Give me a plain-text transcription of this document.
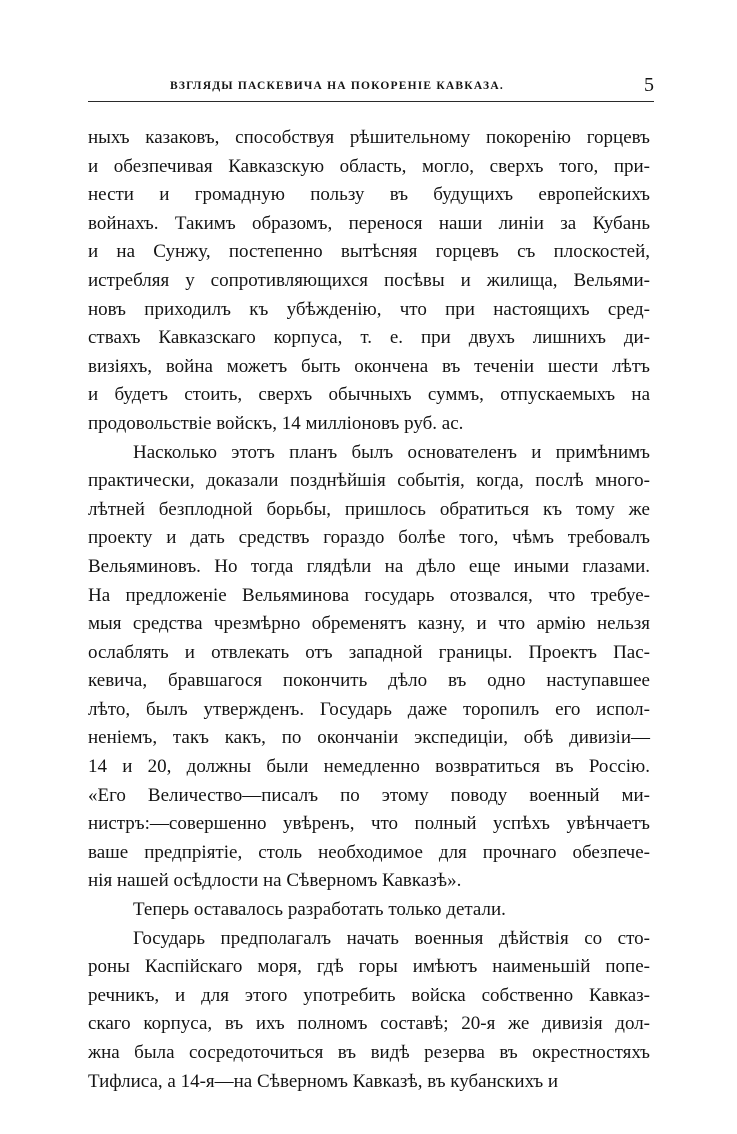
ВЗГЛЯДЫ ПАСКЕВИЧА НА ПОКОРЕНІЕ КАВКАЗА.	5
ныхъ казаковъ, способствуя рѣшительному покоренію горцевъ
и обезпечивая Кавказскую область, могло, сверхъ того, при-
нести и громадную пользу въ будущихъ европейскихъ
войнахъ. Такимъ образомъ, перенося наши линіи за Кубань
и на Сунжу, постепенно вытѣсняя горцевъ съ плоскостей,
истребляя у сопротивляющихся посѣвы и жилища, Вельями-
новъ приходилъ къ убѣжденію, что при настоящихъ сред-
ствахъ Кавказскаго корпуса, т. е. при двухъ лишнихъ ди-
визіяхъ, война можетъ быть окончена въ теченіи шести лѣтъ
и будетъ стоить, сверхъ обычныхъ суммъ, отпускаемыхъ на
продовольствіе войскъ, 14 милліоновъ руб. ас.
Насколько этотъ планъ былъ основателенъ и примѣнимъ
практически, доказали позднѣйшія событія, когда, послѣ много-
лѣтней безплодной борьбы, пришлось обратиться къ тому же
проекту и дать средствъ гораздо болѣе того, чѣмъ требовалъ
Вельяминовъ. Но тогда глядѣли на дѣло еще иными глазами.
На предложеніе Вельяминова государь отозвался, что требуе-
мыя средства чрезмѣрно обременятъ казну, и что армію нельзя
ослаблять и отвлекать отъ западной границы. Проектъ Пас-
кевича, бравшагося покончить дѣло въ одно наступавшее
лѣто, былъ утвержденъ. Государь даже торопилъ его испол-
неніемъ, такъ какъ, по окончаніи экспедиціи, обѣ дивизіи—
14 и 20, должны были немедленно возвратиться въ Россію.
«Его Величество—писалъ по этому поводу военный ми-
нистръ:—совершенно увѣренъ, что полный успѣхъ увѣнчаетъ
ваше предпріятіе, столь необходимое для прочнаго обезпече-
нія нашей осѣдлости на Сѣверномъ Кавказѣ».
Теперь оставалось разработать только детали.
Государь предполагалъ начать военныя дѣйствія со сто-
роны Каспійскаго моря, гдѣ горы имѣютъ наименьшій попе-
речникъ, и для этого употребить войска собственно Кавказ-
скаго корпуса, въ ихъ полномъ составѣ; 20-я же дивизія дол-
жна была сосредоточиться въ видѣ резерва въ окрестностяхъ
Тифлиса, а 14-я—на Сѣверномъ Кавказѣ, въ кубанскихъ и
